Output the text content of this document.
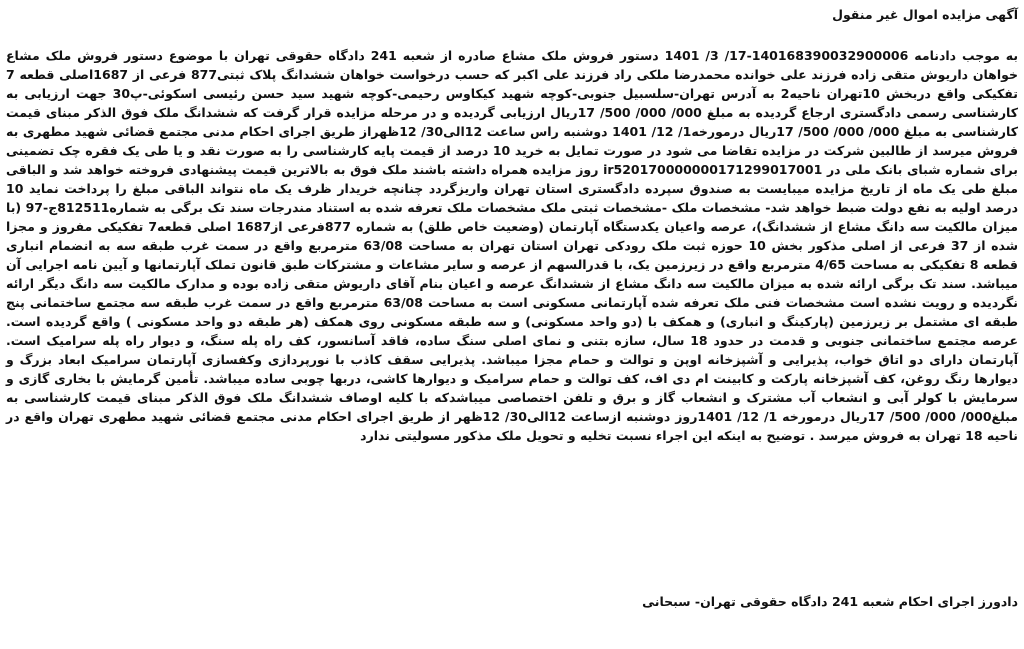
آگهی مزایده اموال غیر منقول

به موجب دادنامه 140168390032900006-17/ 3/ 1401 دستور فروش ملک مشاع صادره از شعبه 241 دادگاه حقوقی تهران با موضوع دستور فروش ملک مشاع خواهان داریوش متقی زاده فرزند علی خوانده محمدرضا ملکی راد فرزند علی اکبر که حسب درخواست خواهان ششدانگ پلاک ثبتی877 فرعی از 1687اصلی قطعه 7 تفکیکی واقع دربخش 10تهران ناحیه2 به آدرس تهران-سلسبیل جنوبی-کوچه شهید کیکاوس رحیمی-کوچه شهید سید حسن رئیسی اسکوئی-پ30 جهت ارزیابی به کارشناسی رسمی دادگستری ارجاع گردیده به مبلغ 000/ 000/ 500/ 17ریال ارزیابی گردیده و در مرحله مزایده قرار گرفت که ششدانگ ملک فوق الذکر مبنای قیمت کارشناسی به مبلغ 000/ 000/ 500/ 17ریال درمورخه1/ 12/ 1401 دوشنبه راس ساعت 12الی30/ 12ظهراز طریق اجرای احکام مدنی مجتمع قضائی شهید مطهری به فروش میرسد از طالبین شرکت در مزایده تقاضا می شود در صورت تمایل به خرید 10 درصد از قیمت پایه کارشناسی را به صورت نقد و یا طی یک فقره چک تضمینی برای شماره شبای بانک ملی در ir520170000000171299017001 روز مزایده همراه داشته باشند ملک فوق به بالاترین قیمت پیشنهادی فروخته خواهد شد و الباقی مبلغ طی یک ماه از تاریخ مزایده میبایست به صندوق سپرده دادگستری استان تهران واریزگردد چنانچه خریدار ظرف یک ماه نتواند الباقی مبلغ را پرداخت نماید 10 درصد اولیه به نفع دولت ضبط خواهد شد- مشخصات ملک -مشخصات ثبتی ملک مشخصات ملک تعرفه شده به استناد مندرجات سند تک برگی به شماره812511ج-97 (با میزان مالکیت سه دانگ مشاع از ششدانگ)، عرصه واعیان یکدستگاه آپارتمان (وضعیت خاص طلق) به شماره 877فرعی از1687 اصلی قطعه7 تفکیکی مفروز و مجزا شده از 37 فرعی از اصلی مذکور بخش 10 حوزه ثبت ملک رودکی تهران استان تهران به مساحت 63/08 مترمربع واقع در سمت غرب طبقه سه به انضمام انباری قطعه 8 تفکیکی به مساحت 4/65 مترمربع واقع در زیرزمین یک، با قدرالسهم از عرصه و سایر مشاعات و مشترکات طبق قانون تملک آپارتمانها و آیین نامه اجرایی آن میباشد. سند تک برگی ارائه شده به میزان مالکیت سه دانگ مشاع از ششدانگ عرصه و اعیان بنام آقای داریوش متقی زاده بوده و مدارک مالکیت سه دانگ دیگر ارائه نگردیده و رویت نشده است مشخصات فنی ملک تعرفه شده آپارتمانی مسکونی است به مساحت 63/08 مترمربع واقع در سمت غرب طبقه سه مجتمع ساختمانی پنج طبقه ای مشتمل بر زیرزمین (پارکینگ و انباری) و همکف با (دو واحد مسکونی) و سه طبقه مسکونی روی همکف (هر طبقه دو واحد مسکونی ) واقع گردیده است. عرصه مجتمع ساختمانی جنوبی و قدمت در حدود 18 سال، سازه بتنی و نمای اصلی سنگ ساده، فاقد آسانسور، کف راه پله سنگ، و دیوار راه پله سرامیک است. آپارتمان دارای دو اتاق خواب، پذیرایی و آشپزخانه اوپن و توالت و حمام مجزا میباشد. پذیرایی سقف کاذب با نورپردازی وکفسازی آپارتمان سرامیک ابعاد بزرگ و دیوارها رنگ روغن، کف آشپزخانه پارکت و کابینت ام دی اف، کف توالت و حمام سرامیک و دیوارها کاشی، دربها چوبی ساده میباشد. تأمین گرمایش با بخاری گازی و سرمایش با کولر آبی و انشعاب آب مشترک و انشعاب گاز و برق و تلفن اختصاصی میباشدکه با کلیه اوصاف ششدانگ ملک فوق الذکر مبنای قیمت کارشناسی به مبلغ000/ 000/ 500/ 17ریال درمورخه 1/ 12/ 1401روز دوشنبه ازساعت 12الی30/ 12ظهر از طریق اجرای احکام مدنی مجتمع قضائی شهید مطهری تهران واقع در ناحیه 18 تهران به فروش میرسد . توضیح به اینکه این اجراء نسبت تخلیه و تحویل ملک مذکور مسولیتی ندارد

دادورز اجرای احکام شعبه 241 دادگاه حقوقی تهران- سبحانی
